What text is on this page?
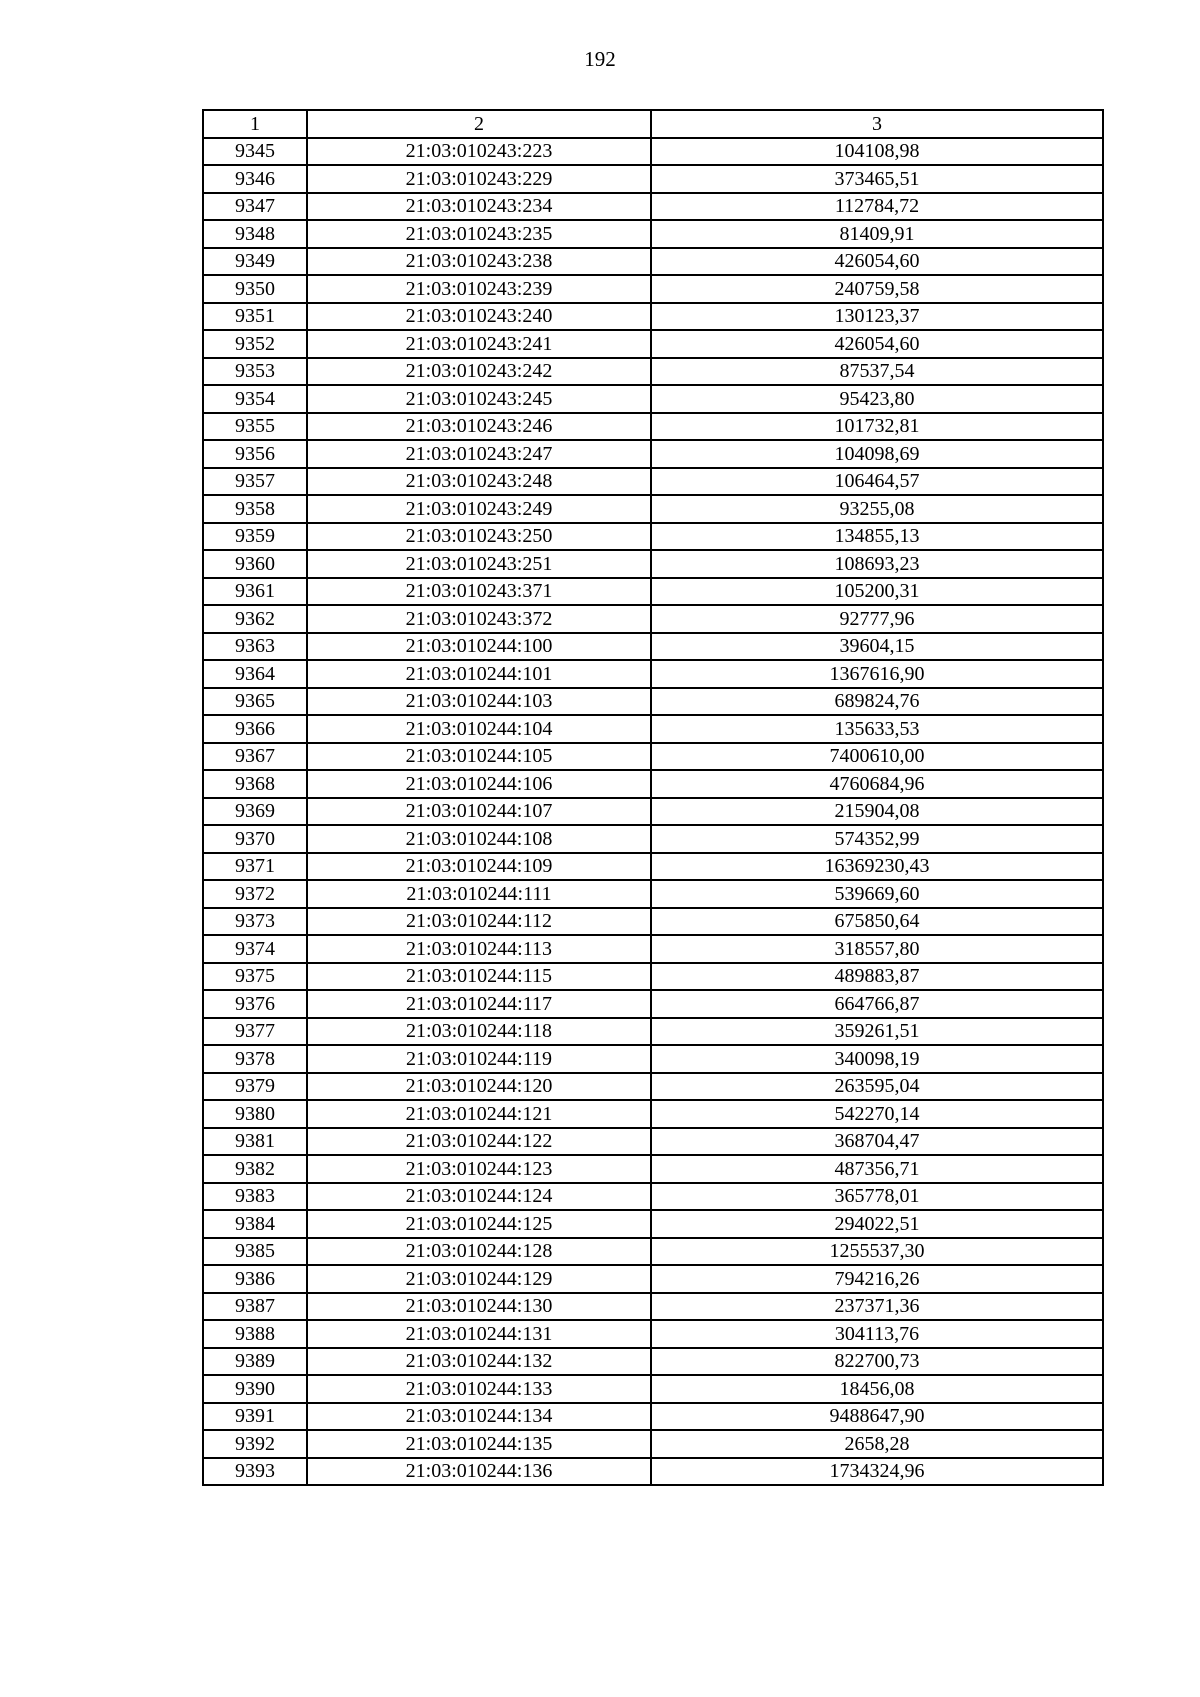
192
1	2	3
9345	21:03:010243:223	104108,98
9346	21:03:010243:229	373465,51
9347	21:03:010243:234	112784,72
9348	21:03:010243:235	81409,91
9349	21:03:010243:238	426054,60
9350	21:03:010243:239	240759,58
9351	21:03:010243:240	130123,37
9352	21:03:010243:241	426054,60
9353	21:03:010243:242	87537,54
9354	21:03:010243:245	95423,80
9355	21:03:010243:246	101732,81
9356	21:03:010243:247	104098,69
9357	21:03:010243:248	106464,57
9358	21:03:010243:249	93255,08
9359	21:03:010243:250	134855,13
9360	21:03:010243:251	108693,23
9361	21:03:010243:371	105200,31
9362	21:03:010243:372	92777,96
9363	21:03:010244:100	39604,15
9364	21:03:010244:101	1367616,90
9365	21:03:010244:103	689824,76
9366	21:03:010244:104	135633,53
9367	21:03:010244:105	7400610,00
9368	21:03:010244:106	4760684,96
9369	21:03:010244:107	215904,08
9370	21:03:010244:108	574352,99
9371	21:03:010244:109	16369230,43
9372	21:03:010244:111	539669,60
9373	21:03:010244:112	675850,64
9374	21:03:010244:113	318557,80
9375	21:03:010244:115	489883,87
9376	21:03:010244:117	664766,87
9377	21:03:010244:118	359261,51
9378	21:03:010244:119	340098,19
9379	21:03:010244:120	263595,04
9380	21:03:010244:121	542270,14
9381	21:03:010244:122	368704,47
9382	21:03:010244:123	487356,71
9383	21:03:010244:124	365778,01
9384	21:03:010244:125	294022,51
9385	21:03:010244:128	1255537,30
9386	21:03:010244:129	794216,26
9387	21:03:010244:130	237371,36
9388	21:03:010244:131	304113,76
9389	21:03:010244:132	822700,73
9390	21:03:010244:133	18456,08
9391	21:03:010244:134	9488647,90
9392	21:03:010244:135	2658,28
9393	21:03:010244:136	1734324,96
